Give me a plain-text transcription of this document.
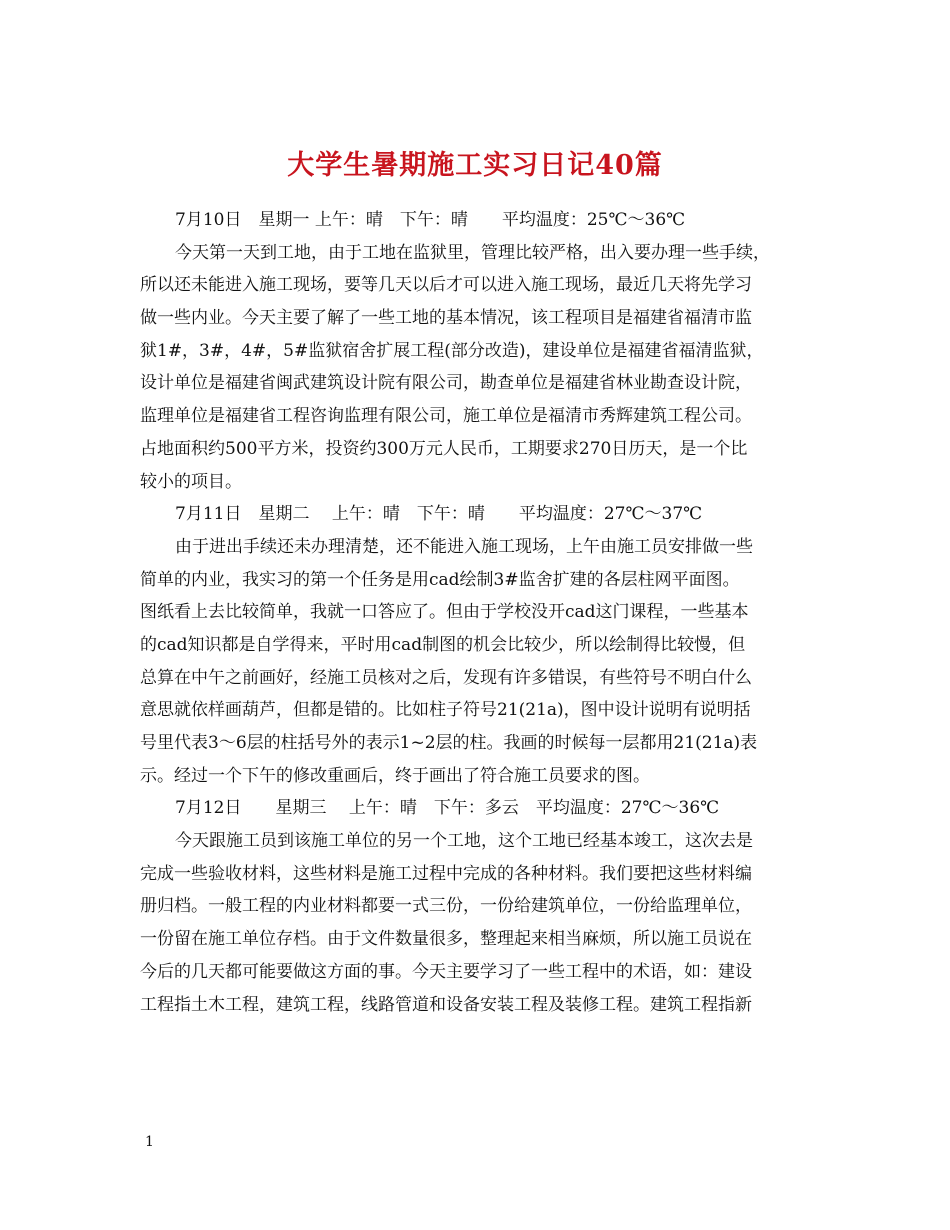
大学生暑期施工实习日记40篇
7月10日　星期一 上午：晴　下午：晴　　平均温度：25℃～36℃
今天第一天到工地，由于工地在监狱里，管理比较严格，出入要办理一些手续，
所以还未能进入施工现场，要等几天以后才可以进入施工现场，最近几天将先学习
做一些内业。今天主要了解了一些工地的基本情况，该工程项目是福建省福清市监
狱1#，3#，4#，5#监狱宿舍扩展工程(部分改造)，建设单位是福建省福清监狱，
设计单位是福建省闽武建筑设计院有限公司，勘查单位是福建省林业勘查设计院，
监理单位是福建省工程咨询监理有限公司，施工单位是福清市秀辉建筑工程公司。
占地面积约500平方米，投资约300万元人民币，工期要求270日历天，是一个比
较小的项目。
7月11日　星期二　 上午：晴　下午：晴　　平均温度：27℃～37℃
由于进出手续还未办理清楚，还不能进入施工现场，上午由施工员安排做一些
简单的内业，我实习的第一个任务是用cad绘制3#监舍扩建的各层柱网平面图。
图纸看上去比较简单，我就一口答应了。但由于学校没开cad这门课程，一些基本
的cad知识都是自学得来，平时用cad制图的机会比较少，所以绘制得比较慢，但
总算在中午之前画好，经施工员核对之后，发现有许多错误，有些符号不明白什么
意思就依样画葫芦，但都是错的。比如柱子符号21(21a)，图中设计说明有说明括
号里代表3～6层的柱括号外的表示1~2层的柱。我画的时候每一层都用21(21a)表
示。经过一个下午的修改重画后，终于画出了符合施工员要求的图。
7月12日　　星期三　 上午：晴　下午：多云　平均温度：27℃～36℃
今天跟施工员到该施工单位的另一个工地，这个工地已经基本竣工，这次去是
完成一些验收材料，这些材料是施工过程中完成的各种材料。我们要把这些材料编
册归档。一般工程的内业材料都要一式三份，一份给建筑单位，一份给监理单位，
一份留在施工单位存档。由于文件数量很多，整理起来相当麻烦，所以施工员说在
今后的几天都可能要做这方面的事。今天主要学习了一些工程中的术语，如：建设
工程指土木工程，建筑工程，线路管道和设备安装工程及装修工程。建筑工程指新
1
